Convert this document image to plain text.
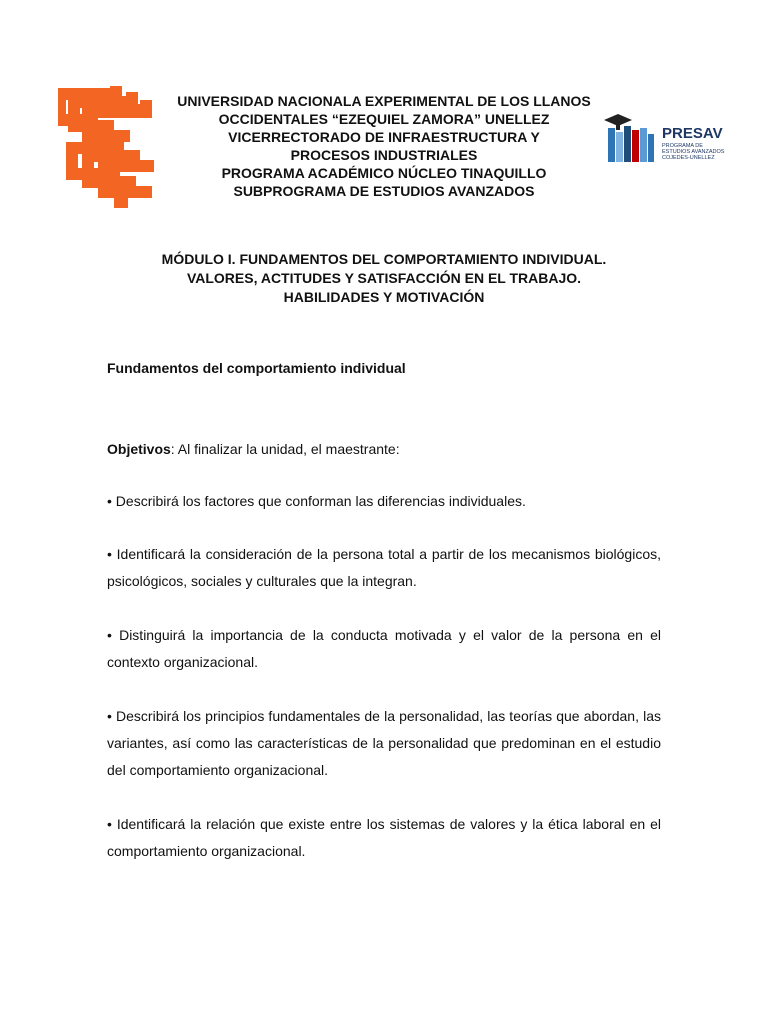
PRESAV
PROGRAMA DE
ESTUDIOS AVANZADOS
COJEDES-UNELLEZ
UNIVERSIDAD NACIONALA EXPERIMENTAL DE LOS LLANOS
OCCIDENTALES “EZEQUIEL ZAMORA” UNELLEZ
VICERRECTORADO DE INFRAESTRUCTURA Y
PROCESOS INDUSTRIALES
PROGRAMA ACADÉMICO NÚCLEO TINAQUILLO
SUBPROGRAMA DE ESTUDIOS AVANZADOS
MÓDULO I. FUNDAMENTOS DEL COMPORTAMIENTO INDIVIDUAL.
VALORES, ACTITUDES Y SATISFACCIÓN EN EL TRABAJO.
HABILIDADES Y MOTIVACIÓN
Fundamentos del comportamiento individual
Objetivos: Al finalizar la unidad, el maestrante:
• Describirá los factores que conforman las diferencias individuales.
• Identificará la consideración de la persona total a partir de los mecanismos biológicos, psicológicos, sociales y culturales que la integran.
• Distinguirá la importancia de la conducta motivada y el valor de la persona en el contexto organizacional.
• Describirá los principios fundamentales de la personalidad, las teorías que abordan, las variantes, así como las características de la personalidad que predominan en el estudio del comportamiento organizacional.
• Identificará la relación que existe entre los sistemas de valores y la ética laboral en el comportamiento organizacional.
